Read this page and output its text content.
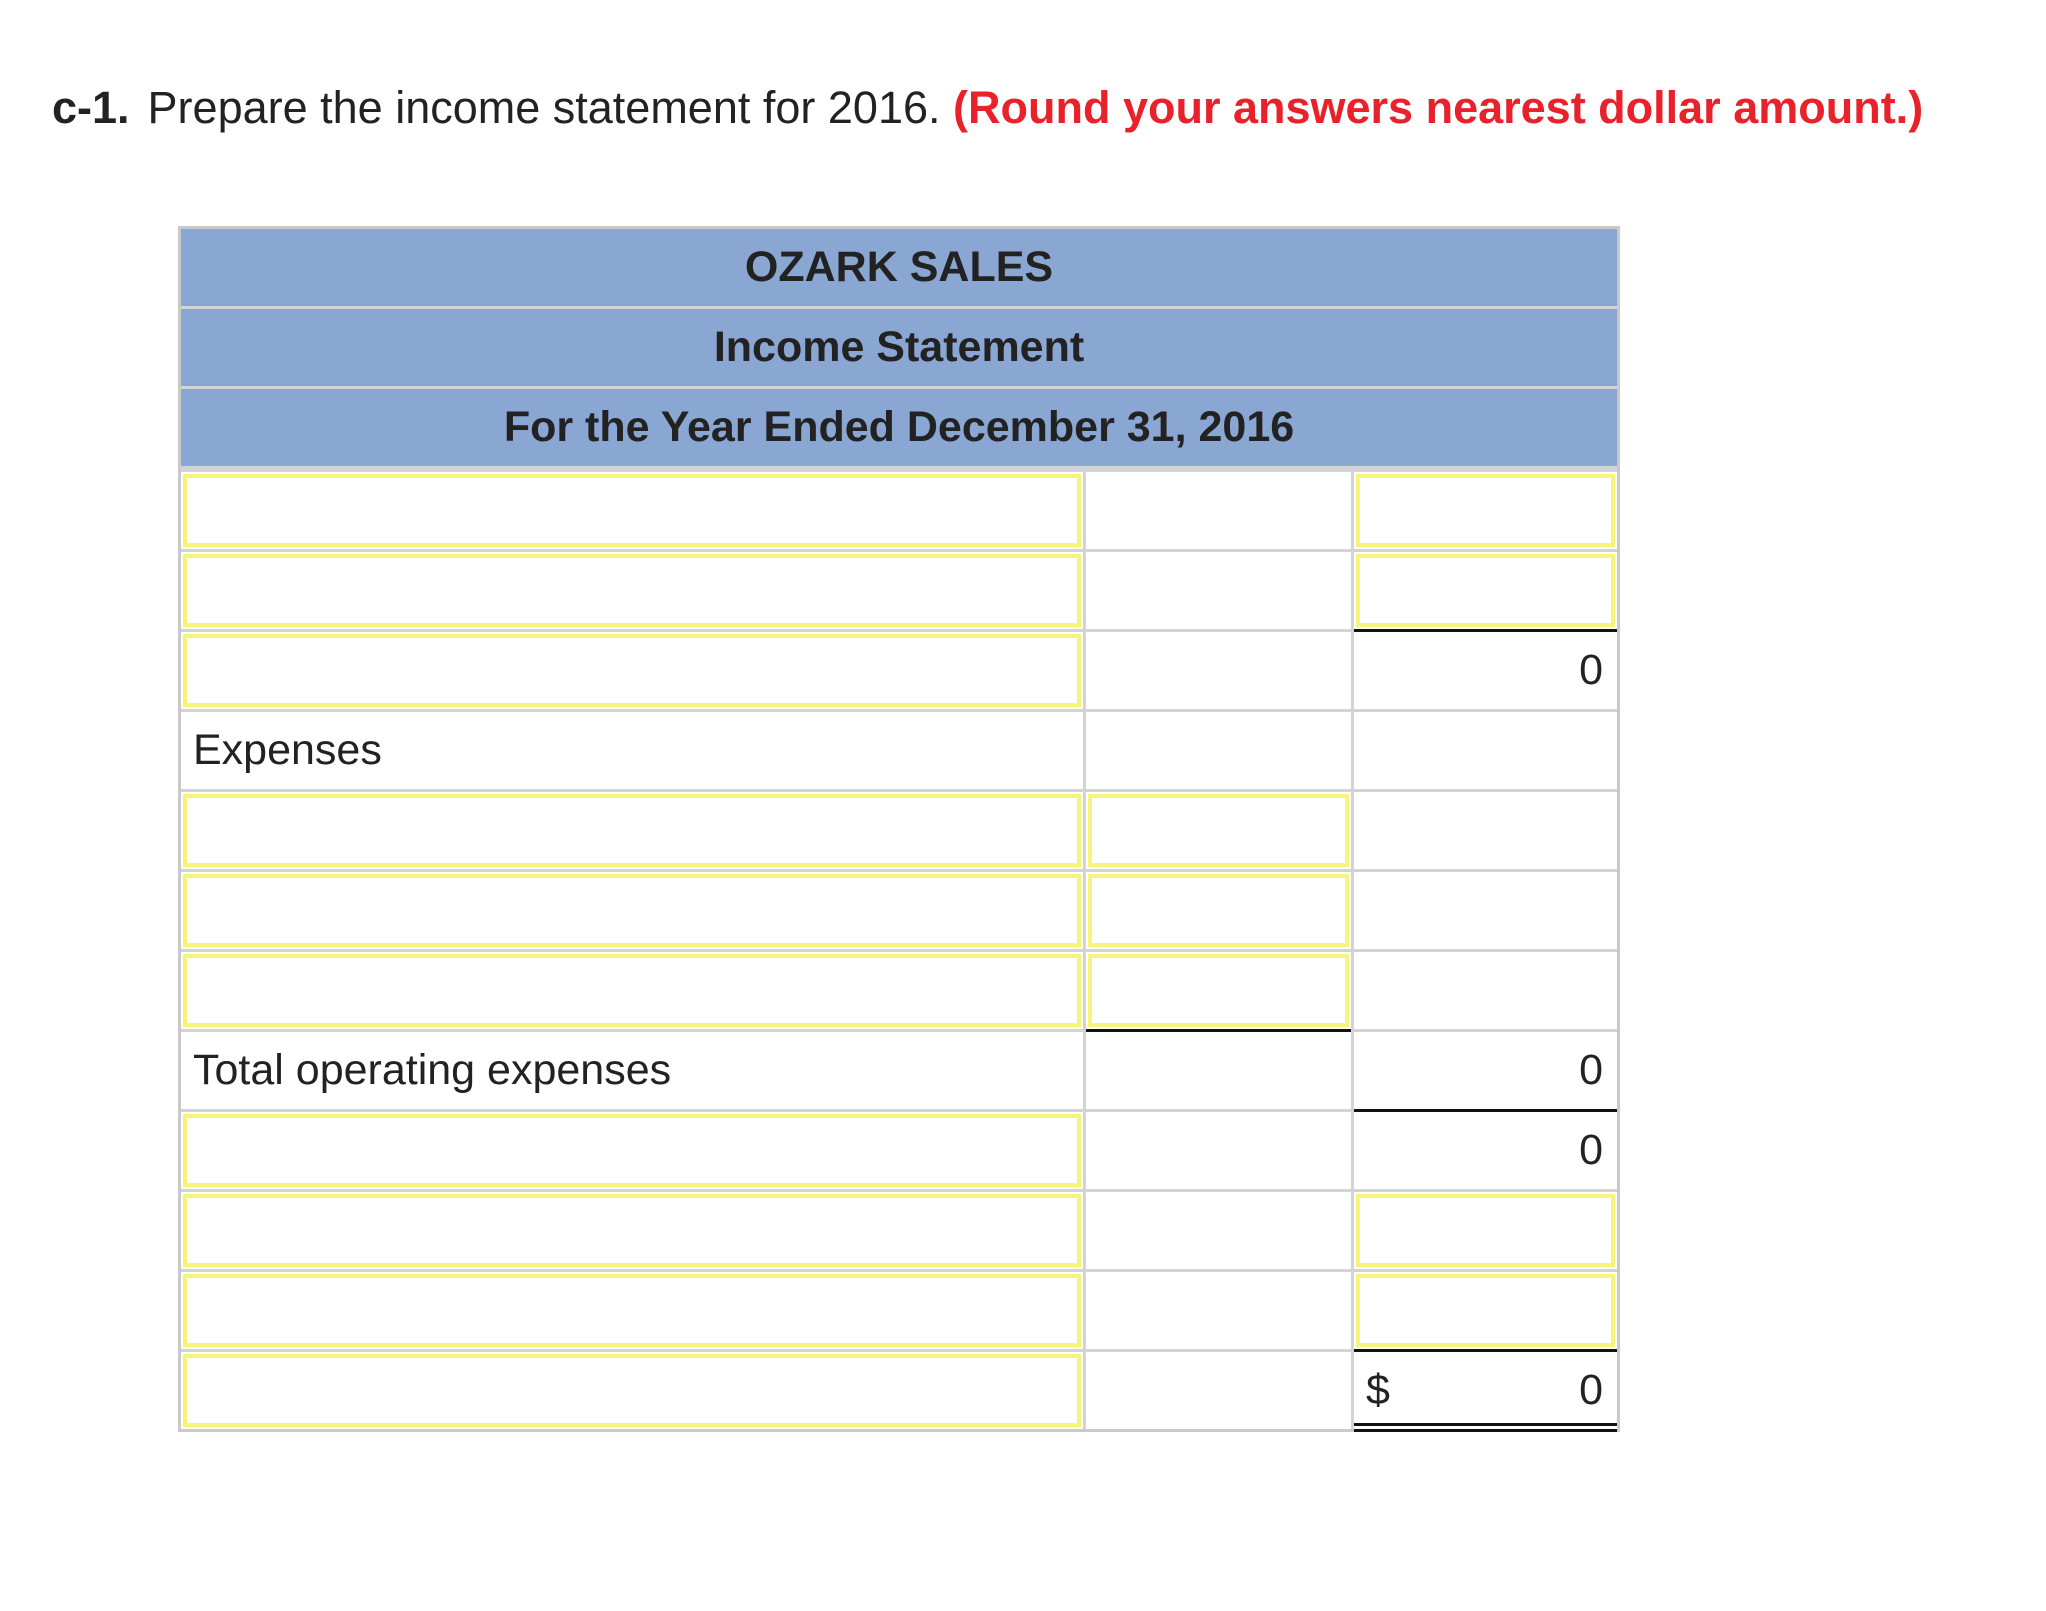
c-1. Prepare the income statement for 2016. (Round your answers nearest dollar amount.)
OZARK SALES
Income Statement
For the Year Ended December 31, 2016
0
Expenses
Total operating expenses	0
0
$	0
